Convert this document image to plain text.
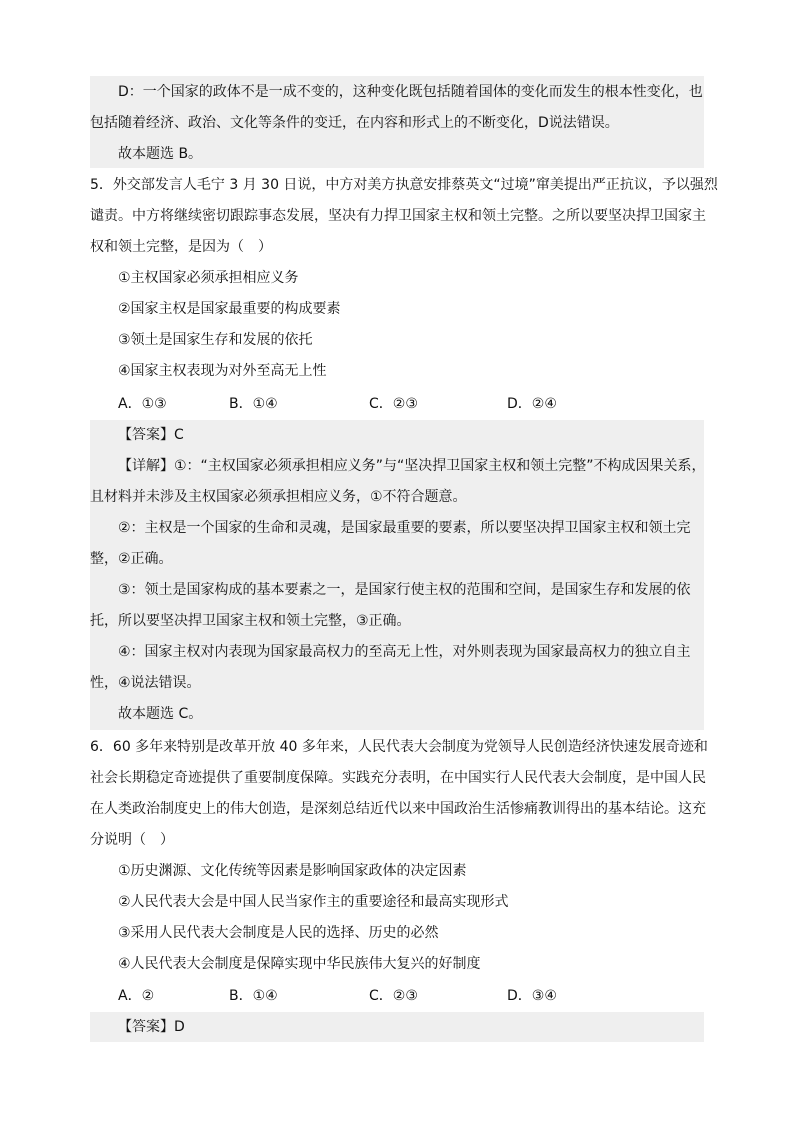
D：一个国家的政体不是一成不变的，这种变化既包括随着国体的变化而发生的根本性变化，也
包括随着经济、政治、文化等条件的变迁，在内容和形式上的不断变化，D说法错误。
故本题选 B。
5．外交部发言人毛宁 3 月 30 日说，中方对美方执意安排蔡英文“过境”窜美提出严正抗议，予以强烈
谴责。中方将继续密切跟踪事态发展，坚决有力捍卫国家主权和领土完整。之所以要坚决捍卫国家主
权和领土完整，是因为（　）
①主权国家必须承担相应义务
②国家主权是国家最重要的构成要素
③领土是国家生存和发展的依托
④国家主权表现为对外至高无上性
A．①③	B．①④	C．②③	D．②④
【答案】C
【详解】①：“主权国家必须承担相应义务”与“坚决捍卫国家主权和领土完整”不构成因果关系，
且材料并未涉及主权国家必须承担相应义务，①不符合题意。
②：主权是一个国家的生命和灵魂，是国家最重要的要素，所以要坚决捍卫国家主权和领土完
整，②正确。
③：领土是国家构成的基本要素之一，是国家行使主权的范围和空间，是国家生存和发展的依
托，所以要坚决捍卫国家主权和领土完整，③正确。
④：国家主权对内表现为国家最高权力的至高无上性，对外则表现为国家最高权力的独立自主
性，④说法错误。
故本题选 C。
6．60 多年来特别是改革开放 40 多年来，人民代表大会制度为党领导人民创造经济快速发展奇迹和
社会长期稳定奇迹提供了重要制度保障。实践充分表明，在中国实行人民代表大会制度，是中国人民
在人类政治制度史上的伟大创造，是深刻总结近代以来中国政治生活惨痛教训得出的基本结论。这充
分说明（　）
①历史渊源、文化传统等因素是影响国家政体的决定因素
②人民代表大会是中国人民当家作主的重要途径和最高实现形式
③采用人民代表大会制度是人民的选择、历史的必然
④人民代表大会制度是保障实现中华民族伟大复兴的好制度
A．②	B．①④	C．②③	D．③④
【答案】D
